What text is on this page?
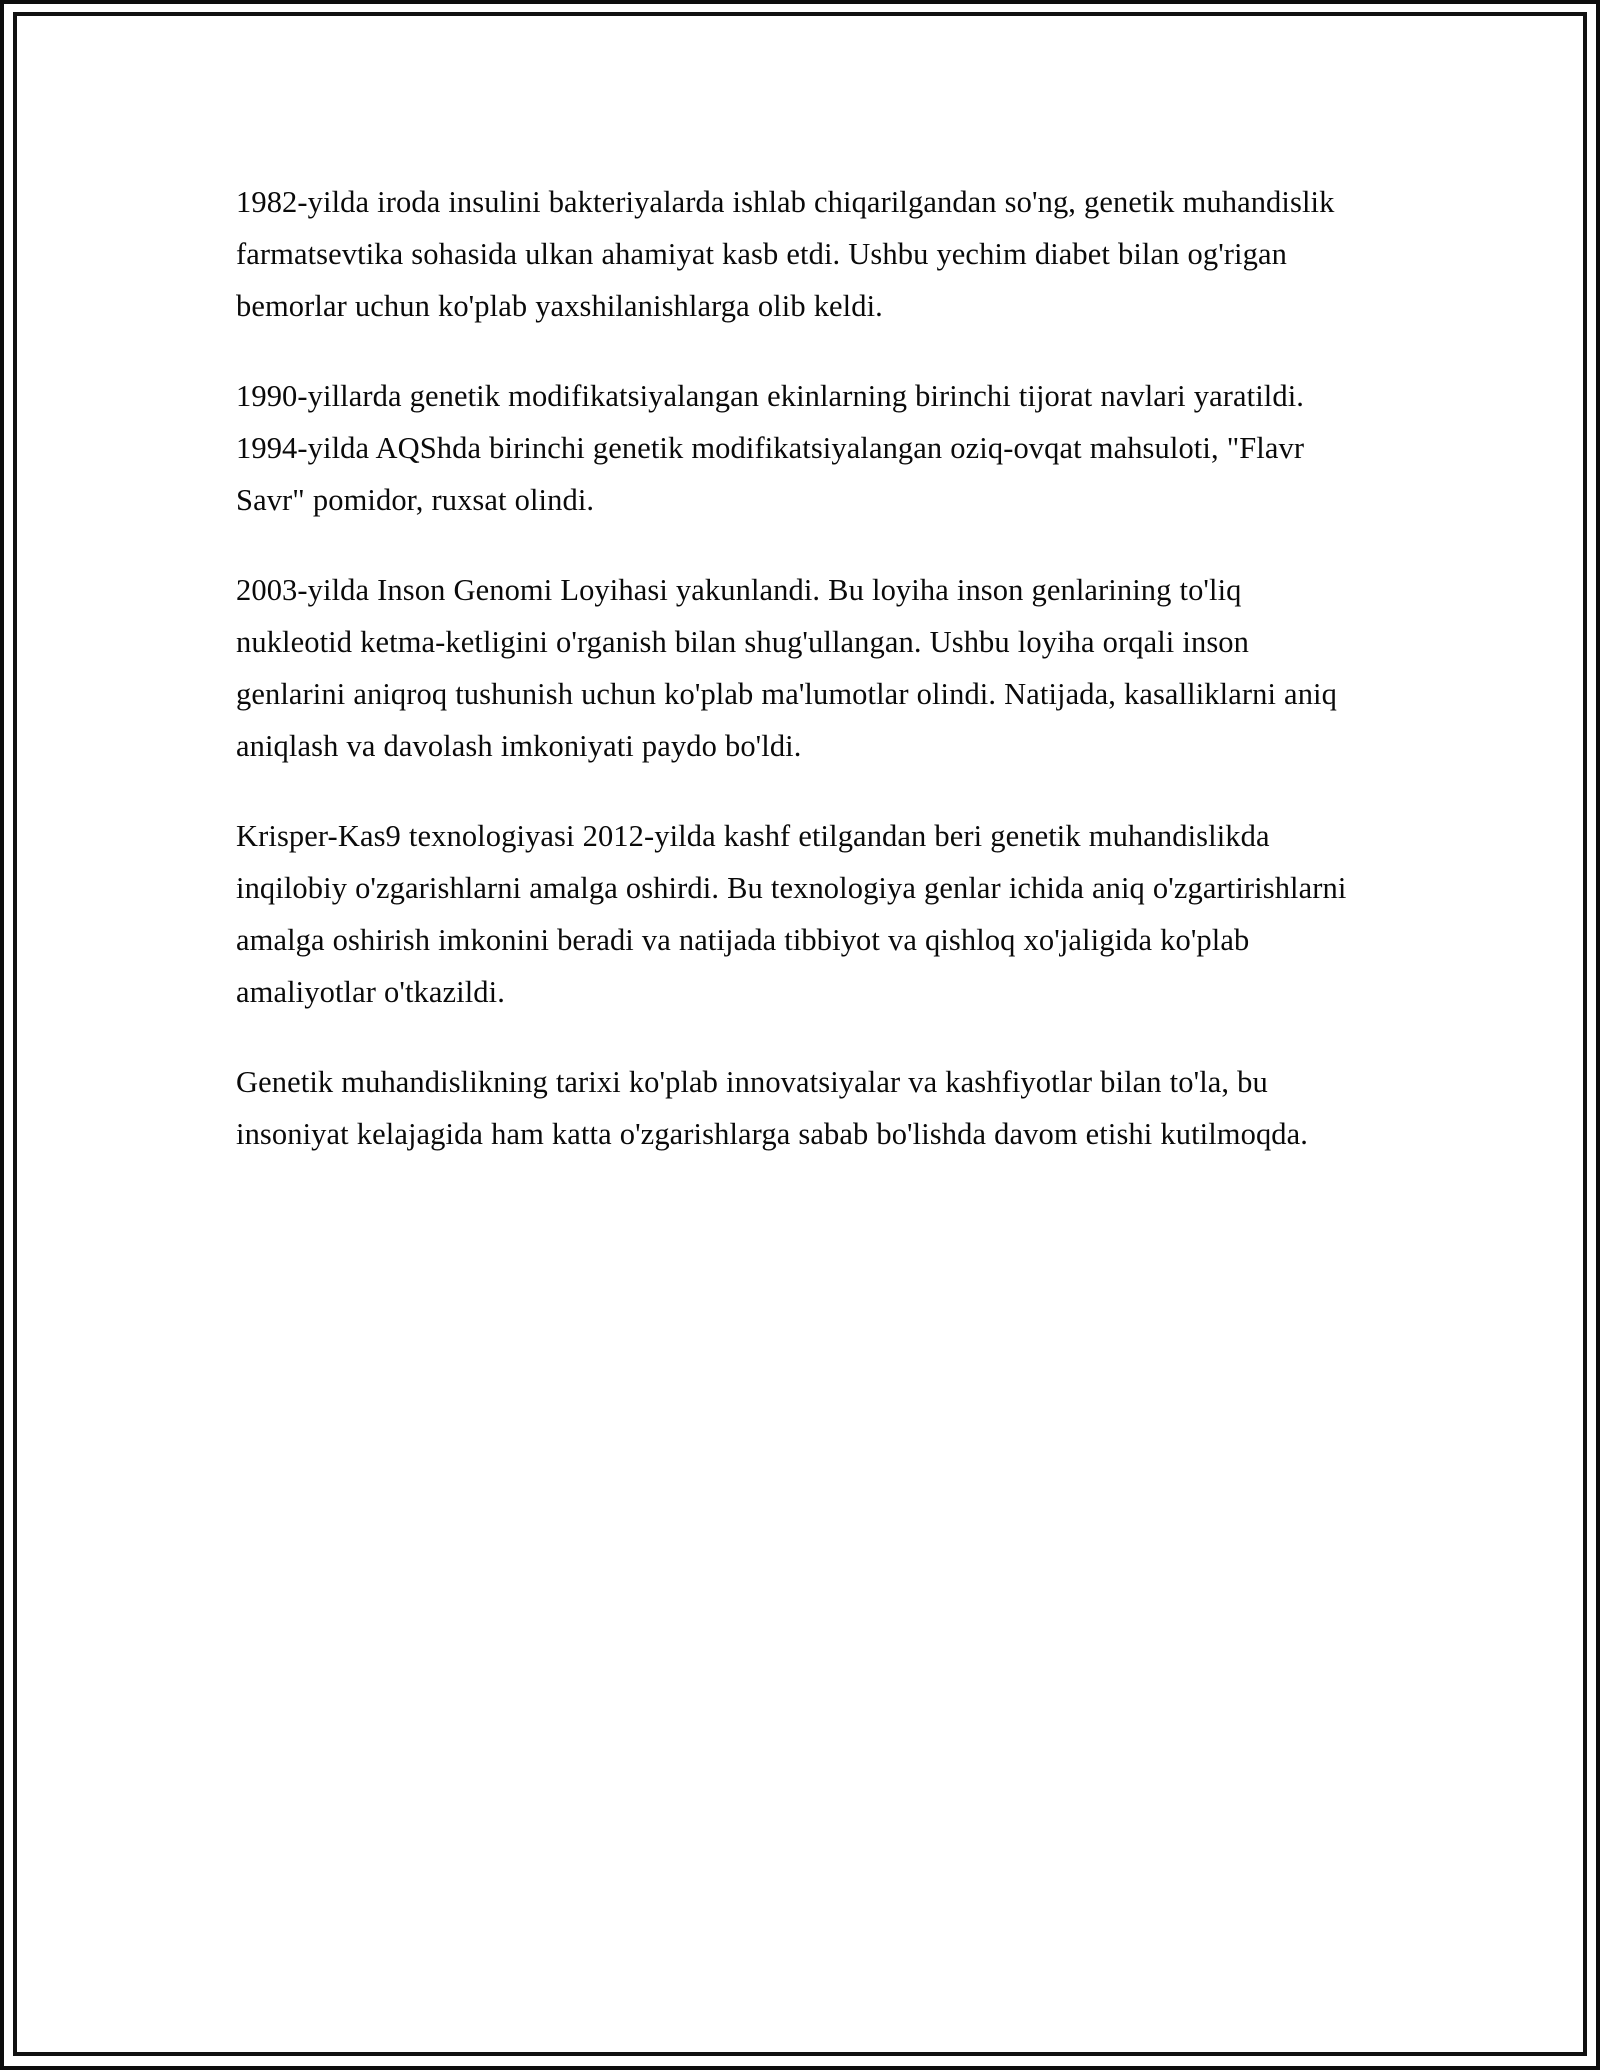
1982-yilda iroda insulini bakteriyalarda ishlab chiqarilgandan so'ng, genetik muhandislik farmatsevtika sohasida ulkan ahamiyat kasb etdi. Ushbu yechim diabet bilan og'rigan bemorlar uchun ko'plab yaxshilanishlarga olib keldi.

1990-yillarda genetik modifikatsiyalangan ekinlarning birinchi tijorat navlari yaratildi. 1994-yilda AQShda birinchi genetik modifikatsiyalangan oziq-ovqat mahsuloti, "Flavr Savr" pomidor, ruxsat olindi.

2003-yilda Inson Genomi Loyihasi yakunlandi. Bu loyiha inson genlarining to'liq nukleotid ketma-ketligini o'rganish bilan shug'ullangan. Ushbu loyiha orqali inson genlarini aniqroq tushunish uchun ko'plab ma'lumotlar olindi. Natijada, kasalliklarni aniq aniqlash va davolash imkoniyati paydo bo'ldi.

Krisper-Kas9 texnologiyasi 2012-yilda kashf etilgandan beri genetik muhandislikda inqilobiy o'zgarishlarni amalga oshirdi. Bu texnologiya genlar ichida aniq o'zgartirishlarni amalga oshirish imkonini beradi va natijada tibbiyot va qishloq xo'jaligida ko'plab amaliyotlar o'tkazildi.

Genetik muhandislikning tarixi ko'plab innovatsiyalar va kashfiyotlar bilan to'la, bu insoniyat kelajagida ham katta o'zgarishlarga sabab bo'lishda davom etishi kutilmoqda.
